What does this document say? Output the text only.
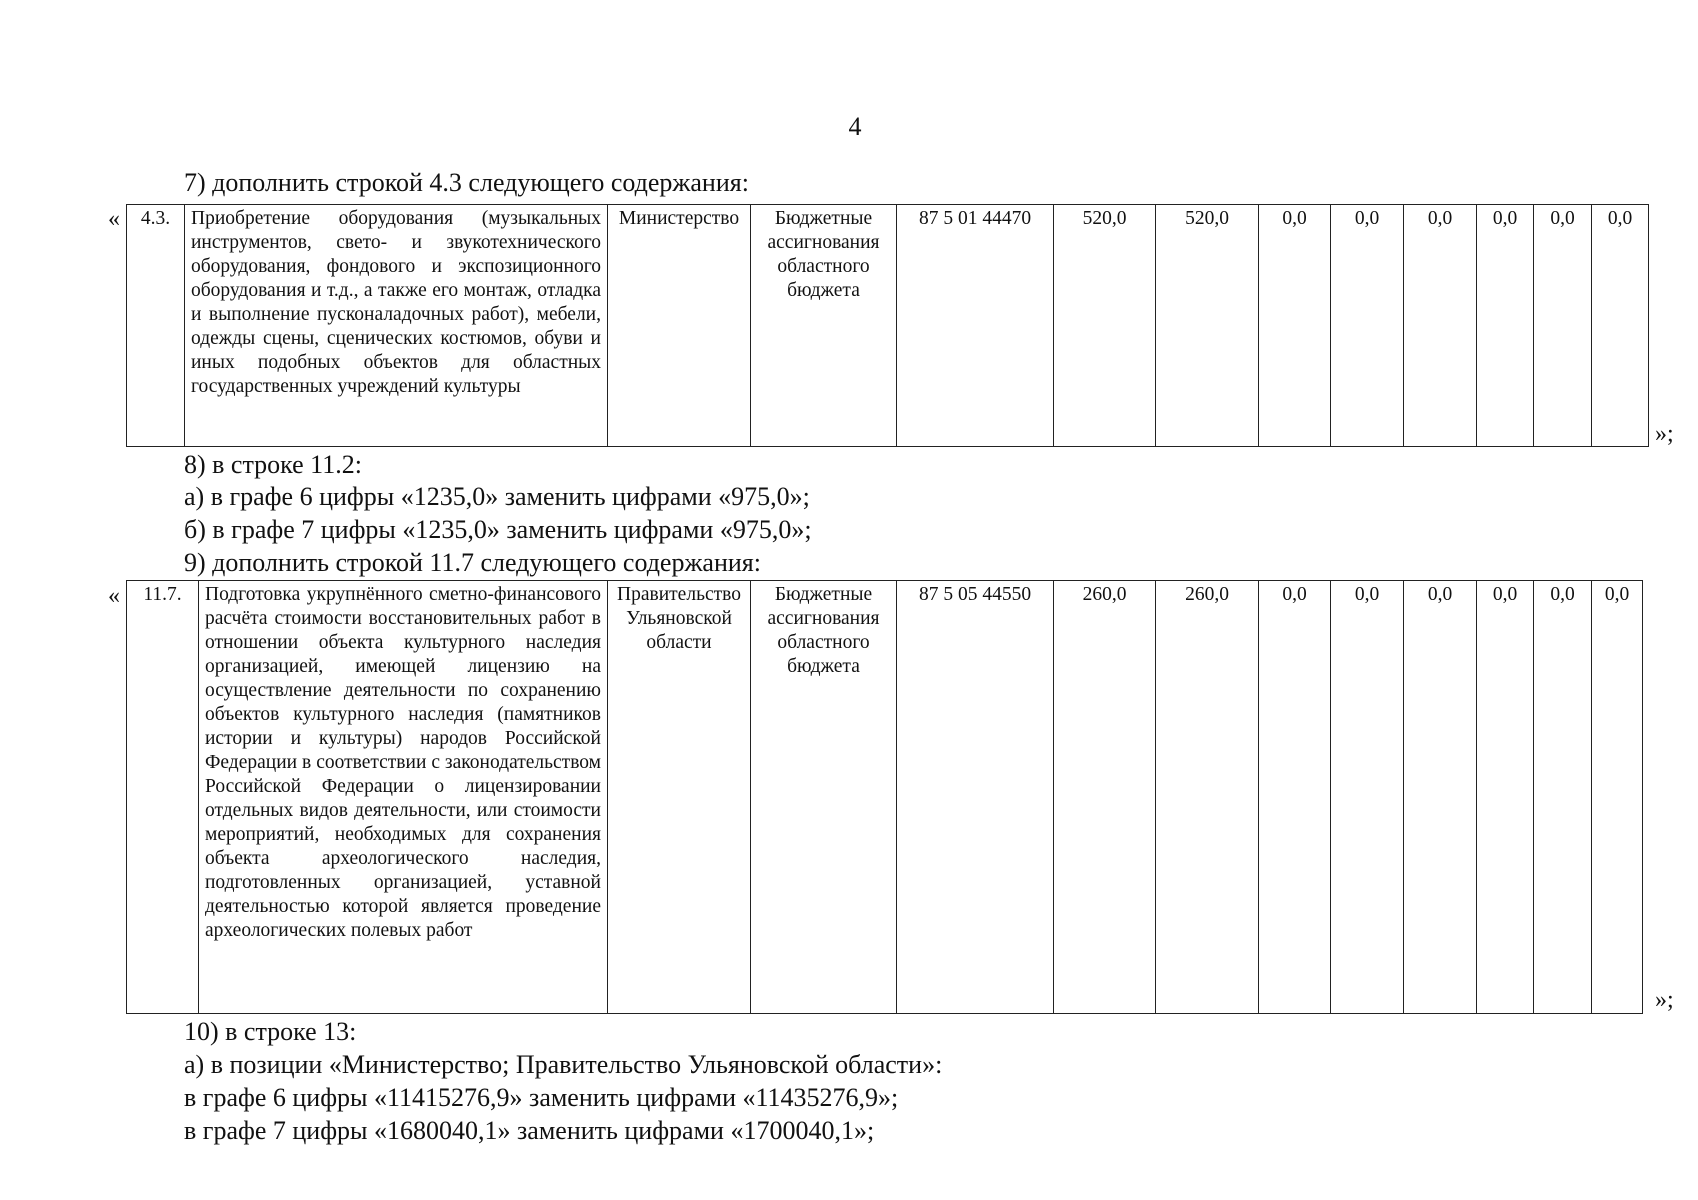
4
7) дополнить строкой 4.3 следующего содержания:
« 4.3.	Приобретение оборудования (музыкальных инструментов, свето- и звукотехнического оборудования, фондового и экспозиционного оборудования и т.д., а также его монтаж, отладка и выполнение пусконаладочных работ), мебели, одежды сцены, сценических костюмов, обуви и иных подобных объектов для областных государственных учреждений культуры	Министерство	Бюджетные ассигнования областного бюджета	87 5 01 44470	520,0	520,0	0,0	0,0	0,0	0,0	0,0	0,0
»;
8) в строке 11.2:
а) в графе 6 цифры «1235,0» заменить цифрами «975,0»;
б) в графе 7 цифры «1235,0» заменить цифрами «975,0»;
9) дополнить строкой 11.7 следующего содержания:
« 11.7.	Подготовка укрупнённого сметно-финансового расчёта стоимости восстановительных работ в отношении объекта культурного наследия организацией, имеющей лицензию на осуществление деятельности по сохранению объектов культурного наследия (памятников истории и культуры) народов Российской Федерации в соответствии с законодательством Российской Федерации о лицензировании отдельных видов деятельности, или стоимости мероприятий, необходимых для сохранения объекта археологического наследия, подготовленных организацией, уставной деятельностью которой является проведение археологических полевых работ	Правительство Ульяновской области	Бюджетные ассигнования областного бюджета	87 5 05 44550	260,0	260,0	0,0	0,0	0,0	0,0	0,0	0,0
»;
10) в строке 13:
а) в позиции «Министерство; Правительство Ульяновской области»:
в графе 6 цифры «11415276,9» заменить цифрами «11435276,9»;
в графе 7 цифры «1680040,1» заменить цифрами «1700040,1»;
